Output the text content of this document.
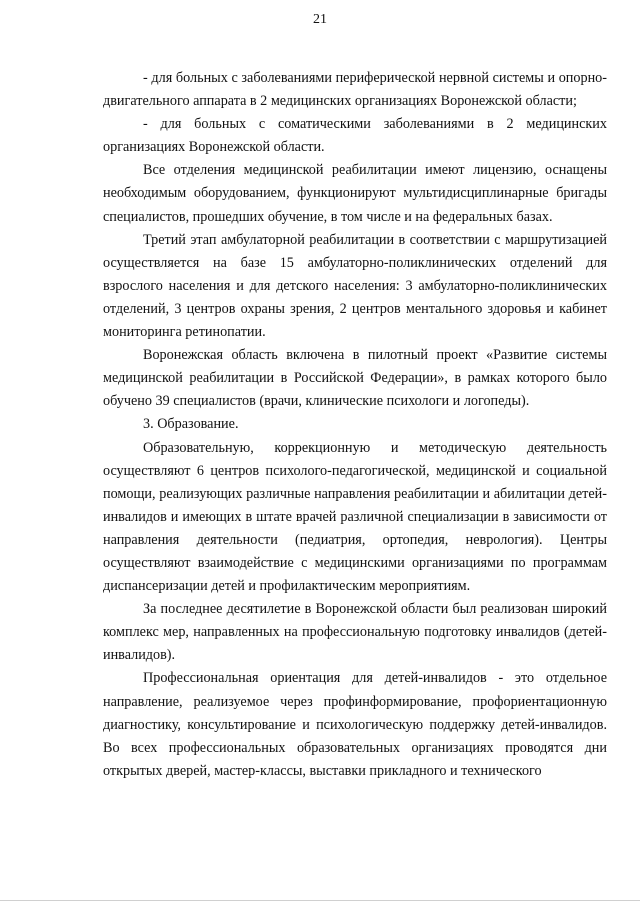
21

- для больных с заболеваниями периферической нервной системы и опорно-двигательного аппарата в 2 медицинских организациях Воронежской области;

- для больных с соматическими заболеваниями в 2 медицинских организациях Воронежской области.

Все отделения медицинской реабилитации имеют лицензию, оснащены необходимым оборудованием, функционируют мультидисциплинарные бригады специалистов, прошедших обучение, в том числе и на федеральных базах.

Третий этап амбулаторной реабилитации в соответствии с маршрутизацией осуществляется на базе 15 амбулаторно-поликлинических отделений для взрослого населения и для детского населения: 3 амбулаторно-поликлинических отделений, 3 центров охраны зрения, 2 центров ментального здоровья и кабинет мониторинга ретинопатии.

Воронежская область включена в пилотный проект «Развитие системы медицинской реабилитации в Российской Федерации», в рамках которого было обучено 39 специалистов (врачи, клинические психологи и логопеды).

3. Образование.

Образовательную, коррекционную и методическую деятельность осуществляют 6 центров психолого-педагогической, медицинской и социальной помощи, реализующих различные направления реабилитации и абилитации детей-инвалидов и имеющих в штате врачей различной специализации в зависимости от направления деятельности (педиатрия, ортопедия, неврология). Центры осуществляют взаимодействие с медицинскими организациями по программам диспансеризации детей и профилактическим мероприятиям.

За последнее десятилетие в Воронежской области был реализован широкий комплекс мер, направленных на профессиональную подготовку инвалидов (детей-инвалидов).

Профессиональная ориентация для детей-инвалидов - это отдельное направление, реализуемое через профинформирование, профориентационную диагностику, консультирование и психологическую поддержку детей-инвалидов. Во всех профессиональных образовательных организациях проводятся дни открытых дверей, мастер-классы, выставки прикладного и технического
